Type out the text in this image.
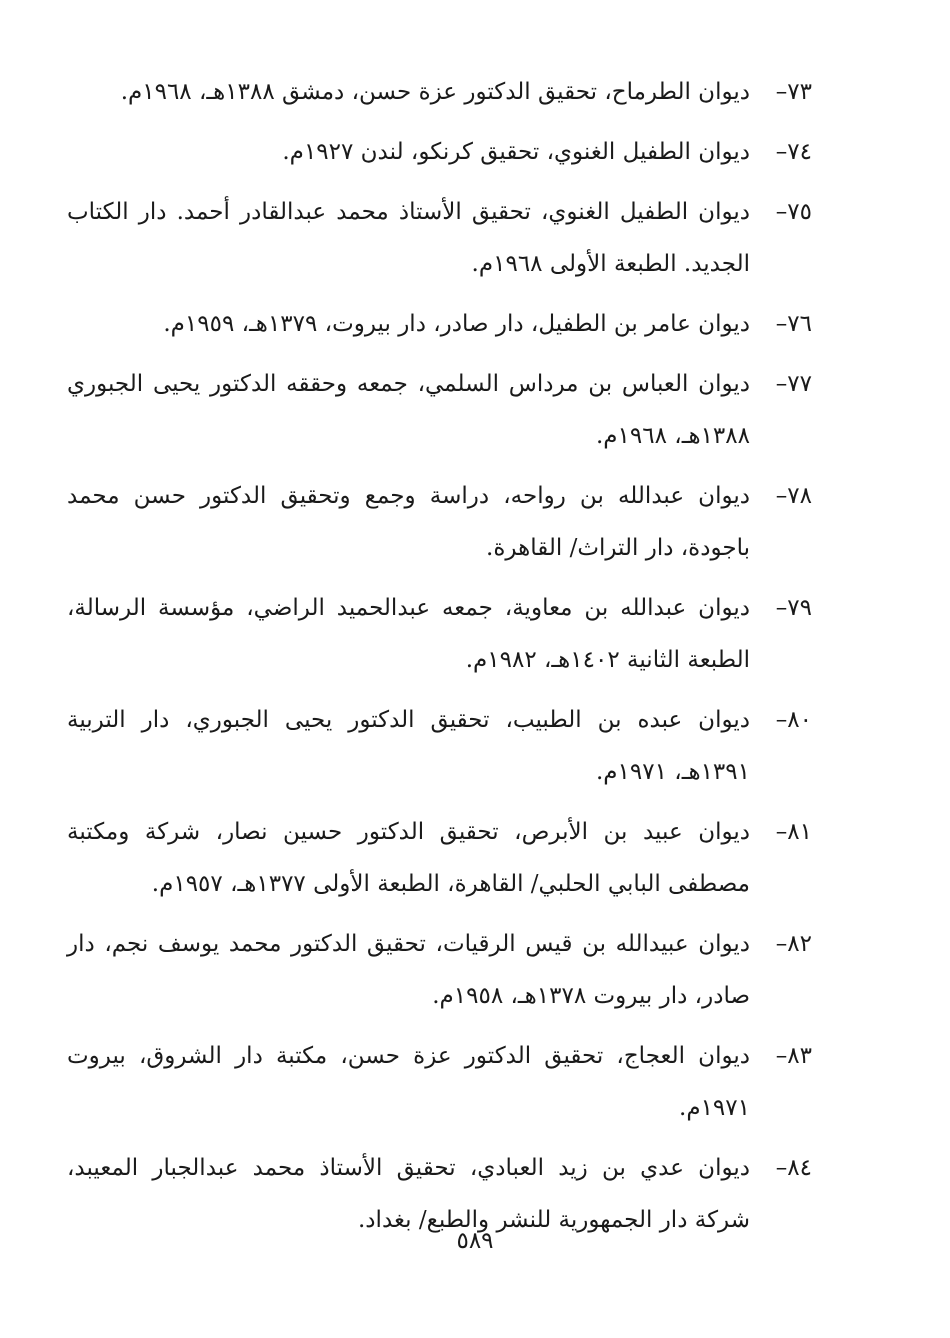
٧٣–
ديوان الطرماح، تحقيق الدكتور عزة حسن، دمشق ١٣٨٨هـ، ١٩٦٨م.
٧٤–
ديوان الطفيل الغنوي، تحقيق كرنكو، لندن ١٩٢٧م.
٧٥–
ديوان الطفيل الغنوي، تحقيق الأستاذ محمد عبدالقادر أحمد. دار الكتاب الجديد. الطبعة الأولى ١٩٦٨م.
٧٦–
ديوان عامر بن الطفيل، دار صادر، دار بيروت، ١٣٧٩هـ، ١٩٥٩م.
٧٧–
ديوان العباس بن مرداس السلمي، جمعه وحققه الدكتور يحيى الجبوري ١٣٨٨هـ، ١٩٦٨م.
٧٨–
ديوان عبدالله بن رواحه، دراسة وجمع وتحقيق الدكتور حسن محمد باجودة، دار التراث/ القاهرة.
٧٩–
ديوان عبدالله بن معاوية، جمعه عبدالحميد الراضي، مؤسسة الرسالة، الطبعة الثانية ١٤٠٢هـ، ١٩٨٢م.
٨٠–
ديوان عبده بن الطبيب، تحقيق الدكتور يحيى الجبوري، دار التربية ١٣٩١هـ، ١٩٧١م.
٨١–
ديوان عبيد بن الأبرص، تحقيق الدكتور حسين نصار، شركة ومكتبة مصطفى البابي الحلبي/ القاهرة، الطبعة الأولى ١٣٧٧هـ، ١٩٥٧م.
٨٢–
ديوان عبيدالله بن قيس الرقيات، تحقيق الدكتور محمد يوسف نجم، دار صادر، دار بيروت ١٣٧٨هـ، ١٩٥٨م.
٨٣–
ديوان العجاج، تحقيق الدكتور عزة حسن، مكتبة دار الشروق، بيروت ١٩٧١م.
٨٤–
ديوان عدي بن زيد العبادي، تحقيق الأستاذ محمد عبدالجبار المعيبد، شركة دار الجمهورية للنشر والطبع/ بغداد.
٥٨٩
